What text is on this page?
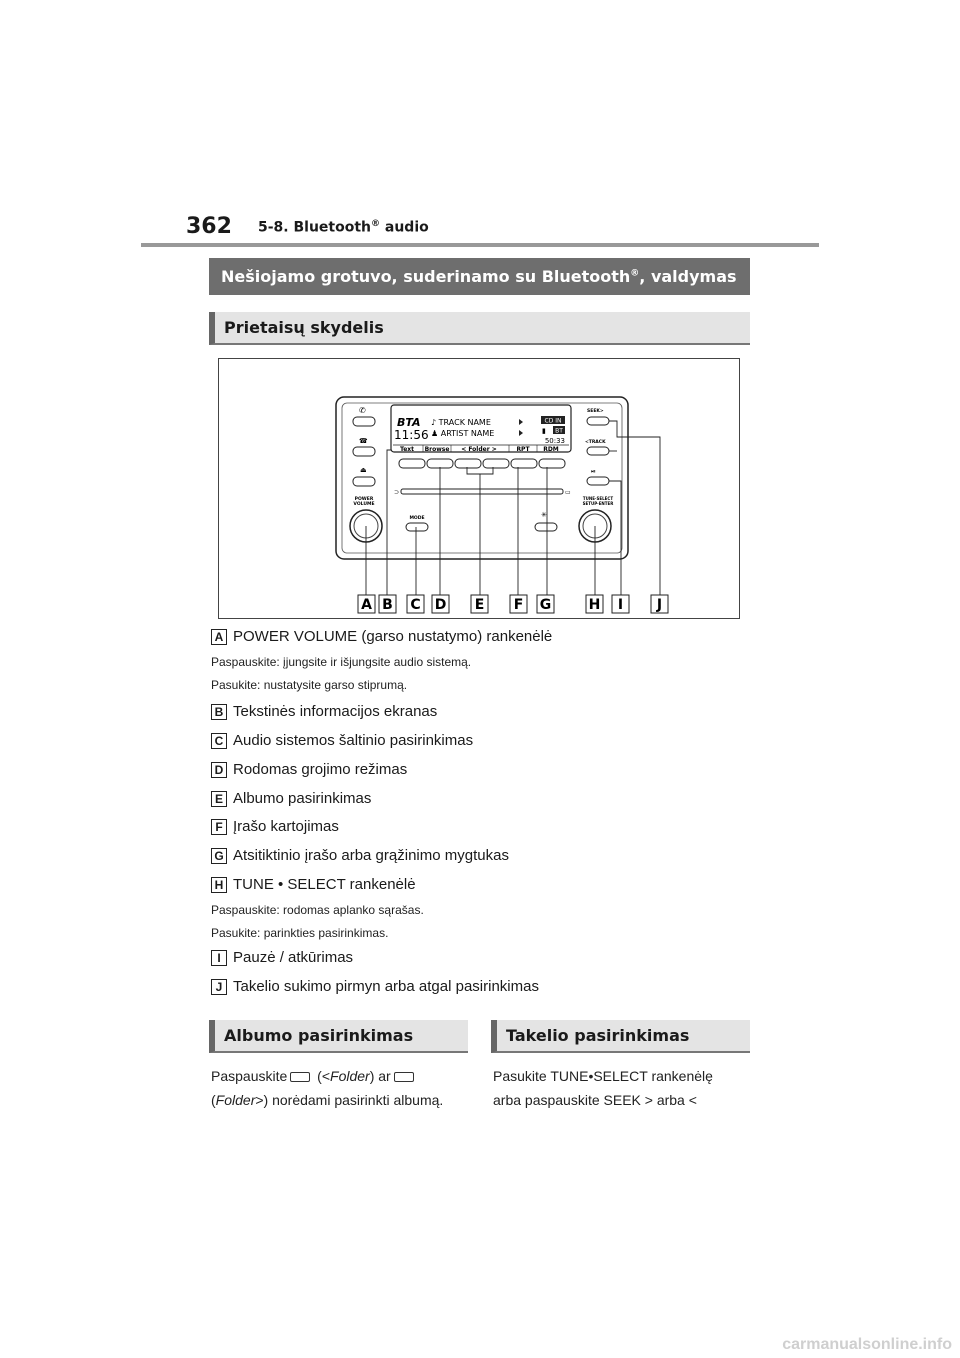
362 5-8. Bluetooth® audio
Nešiojamo grotuvo, suderinamo su Bluetooth®, valdymas
Prietaisų skydelis
✆
☎
⏏
POWER VOLUME
BTA
11:56
♪ TRACK NAME
♟ ARTIST NAME
CD IN
BT
▮
50:33
Text Browse < Folder >	RPT RDM
⊃	▭
MODE	✳
SEEK>
<TRACK
⏯
TUNE·SELECT SETUP·ENTER
A B C D E F G	H I J
A POWER VOLUME (garso nustatymo) rankenėlė
Paspauskite: įjungsite ir išjungsite audio sistemą.
Pasukite: nustatysite garso stiprumą.
B Tekstinės informacijos ekranas
C Audio sistemos šaltinio pasirinkimas
D Rodomas grojimo režimas
E Albumo pasirinkimas
F Įrašo kartojimas
G Atsitiktinio įrašo arba grąžinimo mygtukas
H TUNE • SELECT rankenėlė
Paspauskite: rodomas aplanko sąrašas.
Pasukite: parinkties pasirinkimas.
I Pauzė / atkūrimas
J Takelio sukimo pirmyn arba atgal pasirinkimas
Albumo pasirinkimas
Paspauskite (<Folder) ar
(Folder>) norėdami pasirinkti albumą.
Takelio pasirinkimas
Pasukite TUNE•SELECT rankenėlę
arba paspauskite SEEK > arba <
carmanualsonline.info
